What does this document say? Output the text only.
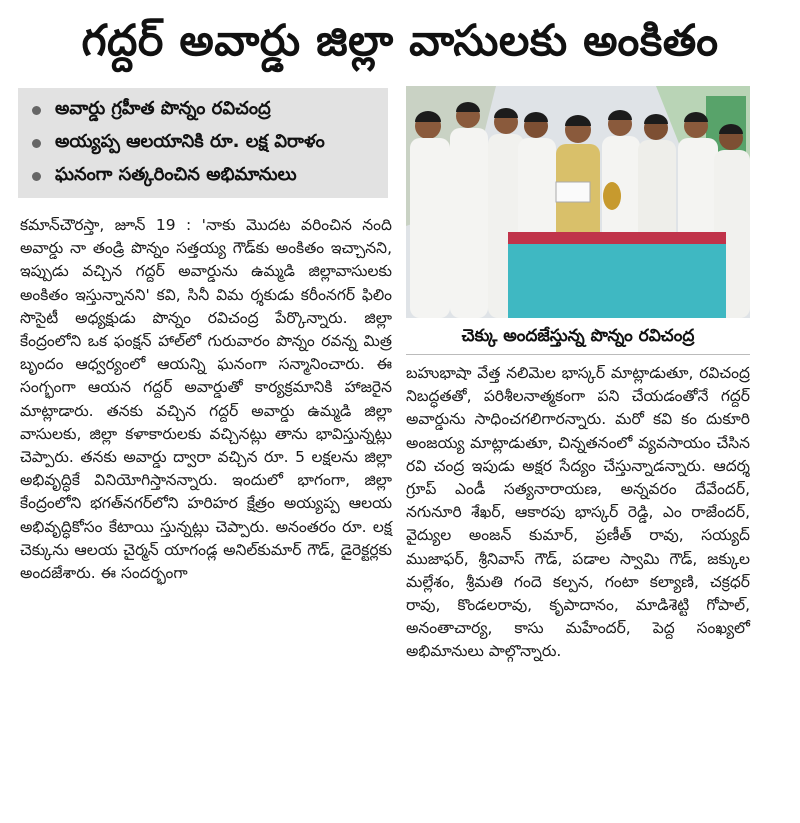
గద్దర్ అవార్డు జిల్లా వాసులకు అంకితం
అవార్డు గ్రహీత పొన్నం రవిచంద్ర
అయ్యప్ప ఆలయానికి రూ. లక్ష విరాళం
ఘనంగా సత్కరించిన అభిమానులు
చెక్కు అందజేస్తున్న పొన్నం రవిచంద్ర

కమాన్‌చౌరస్తా, జూన్ 19 : 'నాకు మొదట వరించిన నంది అవార్డు నా తండ్రి పొన్నం సత్తయ్య గౌడ్‌కు అంకితం ఇచ్చానని, ఇప్పుడు వచ్చిన గద్దర్ అవార్డును ఉమ్మడి జిల్లావాసులకు అంకితం ఇస్తున్నాన‌ని' కవి, సినీ విమ ర్శకుడు కరీంనగర్ ఫిలిం సొసైటీ అధ్యక్షుడు పొన్నం రవిచంద్ర పేర్కొన్నారు. జిల్లా కేంద్రంలోని ఒక ఫంక్షన్ హాల్‌లో గురువారం పొన్నం రవన్న మిత్ర బృందం ఆధ్వర్యంలో ఆయన్ని ఘనంగా సన్మానించారు. ఈ సంగ్భంగా ఆయన గద్దర్ అవార్డుతో కార్యక్రమానికి హాజరైన మాట్లాడారు. తనకు వచ్చిన గద్దర్ అవార్డు ఉమ్మడి జిల్లా వాసులకు, జిల్లా కళాకారులకు వచ్చినట్లు తాను భావిస్తున్నట్లు చెప్పారు. తనకు అవార్డు ద్వారా వచ్చిన రూ. 5 లక్షలను జిల్లా అభివృద్ధికే వినియోగిస్తానన్నారు. ఇందులో భాగంగా, జిల్లా కేంద్రంలోని భగత్‌నగర్‌లోని హరిహర క్షేత్రం అయ్యప్ప ఆలయ అభివృద్ధికోసం కేటాయి స్తున్నట్లు చెప్పారు. అనంతరం రూ. లక్ష చెక్కును ఆలయ చైర్మన్ యాగండ్ల అనిల్‌కుమార్ గౌడ్, డైరెక్టర్లకు అందజేశారు. ఈ సందర్భంగా

బహుభాషా వేత్త నలిమెల భాస్కర్ మాట్లాడుతూ, రవిచంద్ర నిబద్ధతతో, పరిశీలనాత్మకంగా పని చేయడంతోనే గద్దర్ అవార్డును సాధించగలిగారన్నారు. మరో కవి కం దుకూరి అంజయ్య మాట్లాడుతూ, చిన్నతనంలో వ్యవసాయం చేసిన రవి చంద్ర ఇపుడు అక్షర సేద్యం చేస్తున్నాడన్నారు. ఆదర్శ గ్రూప్ ఎండీ సత్యనారాయణ, అన్నవరం దేవేందర్, నగునూరి శేఖర్, ఆకారపు భాస్కర్ రెడ్డి, ఎం రాజేందర్, వైద్యుల అంజన్ కుమార్, ప్రణీత్ రావు, సయ్యద్ ముజాఫర్, శ్రీనివాస్ గౌడ్, పడాల స్వామి గౌడ్, జక్కుల మల్లేశం, శ్రీమతి గందె కల్పన, గంటా కల్యాణి, చక్రధర్ రావు, కొండలరావు, కృపాదానం, మాడిశెట్టి గోపాల్, అనంతాచార్య, కాసు మహేందర్, పెద్ద సంఖ్యలో అభిమానులు పాల్గొన్నారు.
